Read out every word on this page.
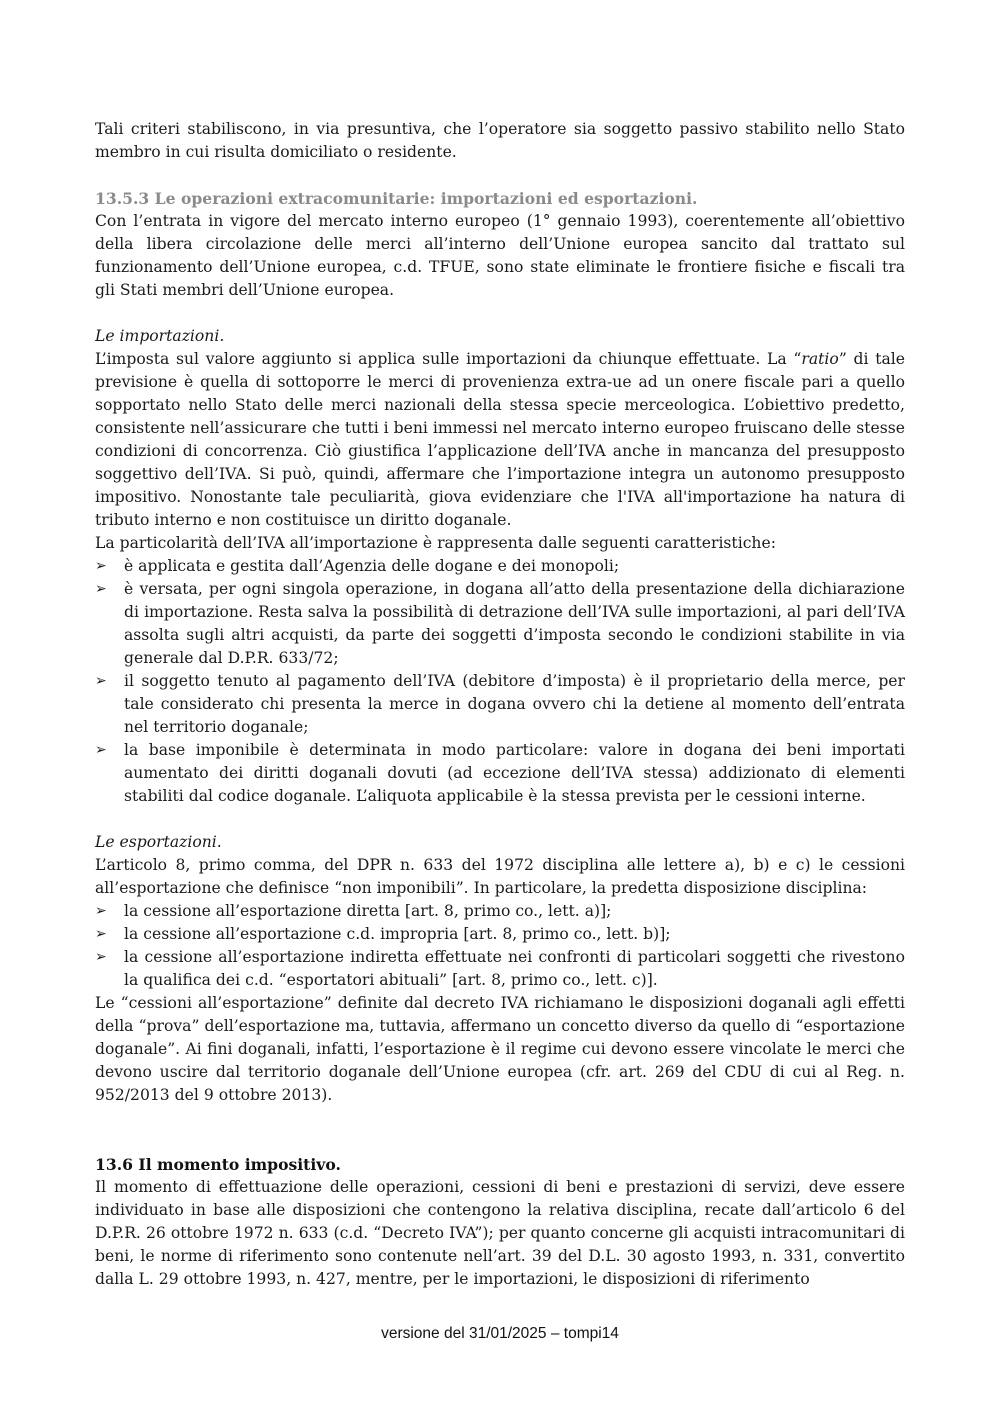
Tali criteri stabiliscono, in via presuntiva, che l’operatore sia soggetto passivo stabilito nello Stato membro in cui risulta domiciliato o residente.

13.5.3 Le operazioni extracomunitarie: importazioni ed esportazioni.

Con l’entrata in vigore del mercato interno europeo (1° gennaio 1993), coerentemente all’obiettivo della libera circolazione delle merci all’interno dell’Unione europea sancito dal trattato sul funzionamento dell’Unione europea, c.d. TFUE, sono state eliminate le frontiere fisiche e fiscali tra gli Stati membri dell’Unione europea.

Le importazioni.

L’imposta sul valore aggiunto si applica sulle importazioni da chiunque effettuate. La “ratio” di tale previsione è quella di sottoporre le merci di provenienza extra-ue ad un onere fiscale pari a quello sopportato nello Stato delle merci nazionali della stessa specie merceologica. L’obiettivo predetto, consistente nell’assicurare che tutti i beni immessi nel mercato interno europeo fruiscano delle stesse condizioni di concorrenza. Ciò giustifica l’applicazione dell’IVA anche in mancanza del presupposto soggettivo dell’IVA. Si può, quindi, affermare che l’importazione integra un autonomo presupposto impositivo. Nonostante tale peculiarità, giova evidenziare che l'IVA all'importazione ha natura di tributo interno e non costituisce un diritto doganale.

La particolarità dell’IVA all’importazione è rappresenta dalle seguenti caratteristiche:

➢	è applicata e gestita dall’Agenzia delle dogane e dei monopoli;
➢	è versata, per ogni singola operazione, in dogana all’atto della presentazione della dichiarazione di importazione. Resta salva la possibilità di detrazione dell’IVA sulle importazioni, al pari dell’IVA assolta sugli altri acquisti, da parte dei soggetti d’imposta secondo le condizioni stabilite in via generale dal D.P.R. 633/72;
➢	il soggetto tenuto al pagamento dell’IVA (debitore d’imposta) è il proprietario della merce, per tale considerato chi presenta la merce in dogana ovvero chi la detiene al momento dell’entrata nel territorio doganale;
➢	la base imponibile è determinata in modo particolare: valore in dogana dei beni importati aumentato dei diritti doganali dovuti (ad eccezione dell’IVA stessa) addizionato di elementi stabiliti dal codice doganale. L’aliquota applicabile è la stessa prevista per le cessioni interne.

Le esportazioni.

L’articolo 8, primo comma, del DPR n. 633 del 1972 disciplina alle lettere a), b) e c) le cessioni all’esportazione che definisce “non imponibili”. In particolare, la predetta disposizione disciplina:

➢	la cessione all’esportazione diretta [art. 8, primo co., lett. a)];
➢	la cessione all’esportazione c.d. impropria [art. 8, primo co., lett. b)];
➢	la cessione all’esportazione indiretta effettuate nei confronti di particolari soggetti che rivestono la qualifica dei c.d. “esportatori abituali” [art. 8, primo co., lett. c)].

Le “cessioni all’esportazione” definite dal decreto IVA richiamano le disposizioni doganali agli effetti della “prova” dell’esportazione ma, tuttavia, affermano un concetto diverso da quello di “esportazione doganale”. Ai fini doganali, infatti, l’esportazione è il regime cui devono essere vincolate le merci che devono uscire dal territorio doganale dell’Unione europea (cfr. art. 269 del CDU di cui al Reg. n. 952/2013 del 9 ottobre 2013).

13.6 Il momento impositivo.

Il momento di effettuazione delle operazioni, cessioni di beni e prestazioni di servizi, deve essere individuato in base alle disposizioni che contengono la relativa disciplina, recate dall’articolo 6 del D.P.R. 26 ottobre 1972 n. 633 (c.d. “Decreto IVA”); per quanto concerne gli acquisti intracomunitari di beni, le norme di riferimento sono contenute nell’art. 39 del D.L. 30 agosto 1993, n. 331, convertito dalla L. 29 ottobre 1993, n. 427, mentre, per le importazioni, le disposizioni di riferimento

versione del 31/01/2025 – tompi14
